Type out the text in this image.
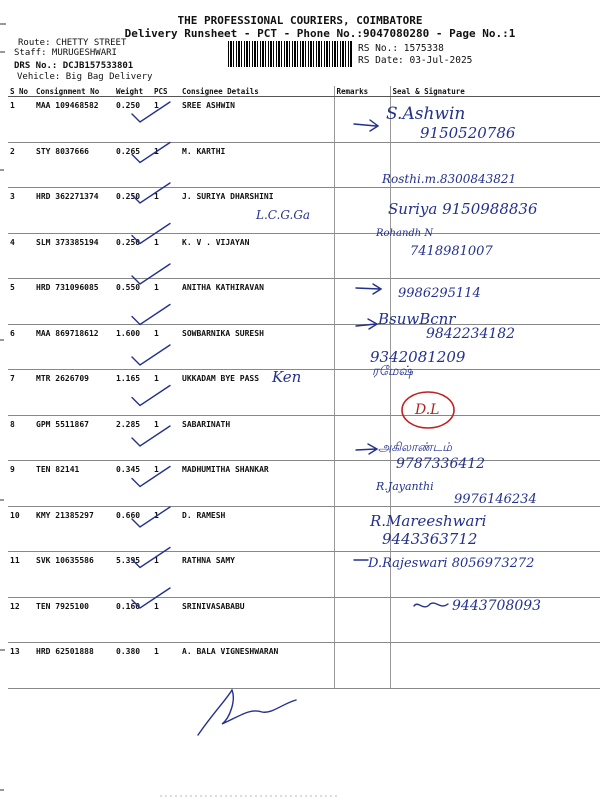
THE PROFESSIONAL COURIERS, COIMBATORE
Delivery Runsheet - PCT - Phone No.:9047080280 - Page No.:1
Route: CHETTY STREET
Staff: MURUGESHWARI
DRS No.: DCJB157533801
Vehicle: Big Bag Delivery
RS No.: 1575338
RS Date: 03-Jul-2025
S No	Consignment No	Weight	PCS	Consignee Details	Remarks	Seal & Signature
1	MAA 109468582	0.250	1	SREE ASHWIN		
2	STY 8037666	0.265	1	M. KARTHI		
3	HRD 362271374	0.250	1	J. SURIYA DHARSHINI		
4	SLM 373385194	0.250	1	K. V . VIJAYAN		
5	HRD 731096085	0.550	1	ANITHA KATHIRAVAN		
6	MAA 869718612	1.600	1	SOWBARNIKA SURESH		
7	MTR 2626709	1.165	1	UKKADAM BYE PASS		
8	GPM 5511867	2.285	1	SABARINATH		
9	TEN 82141	0.345	1	MADHUMITHA SHANKAR		
10	KMY 21385297	0.660	1	D. RAMESH		
11	SVK 10635586	5.395	1	RATHNA SAMY		
12	TEN 7925100	0.160	1	SRINIVASABABU		
13	HRD 62501888	0.380	1	A. BALA VIGNESHWARAN		
S.Ashwin
9150520786
Rosthi.m.8300843821
Suriya 9150988836
L.C.G.Ga
Rohandh N
7418981007
9986295114
BsuwBcnr
9842234182
9342081209
ரமேஷ்
Ken
D.L
அகிலாண்டம்
9787336412
R.Jayanthi
9976146234
R.Mareeshwari
9443363712
D.Rajeswari 8056973272
9443708093
